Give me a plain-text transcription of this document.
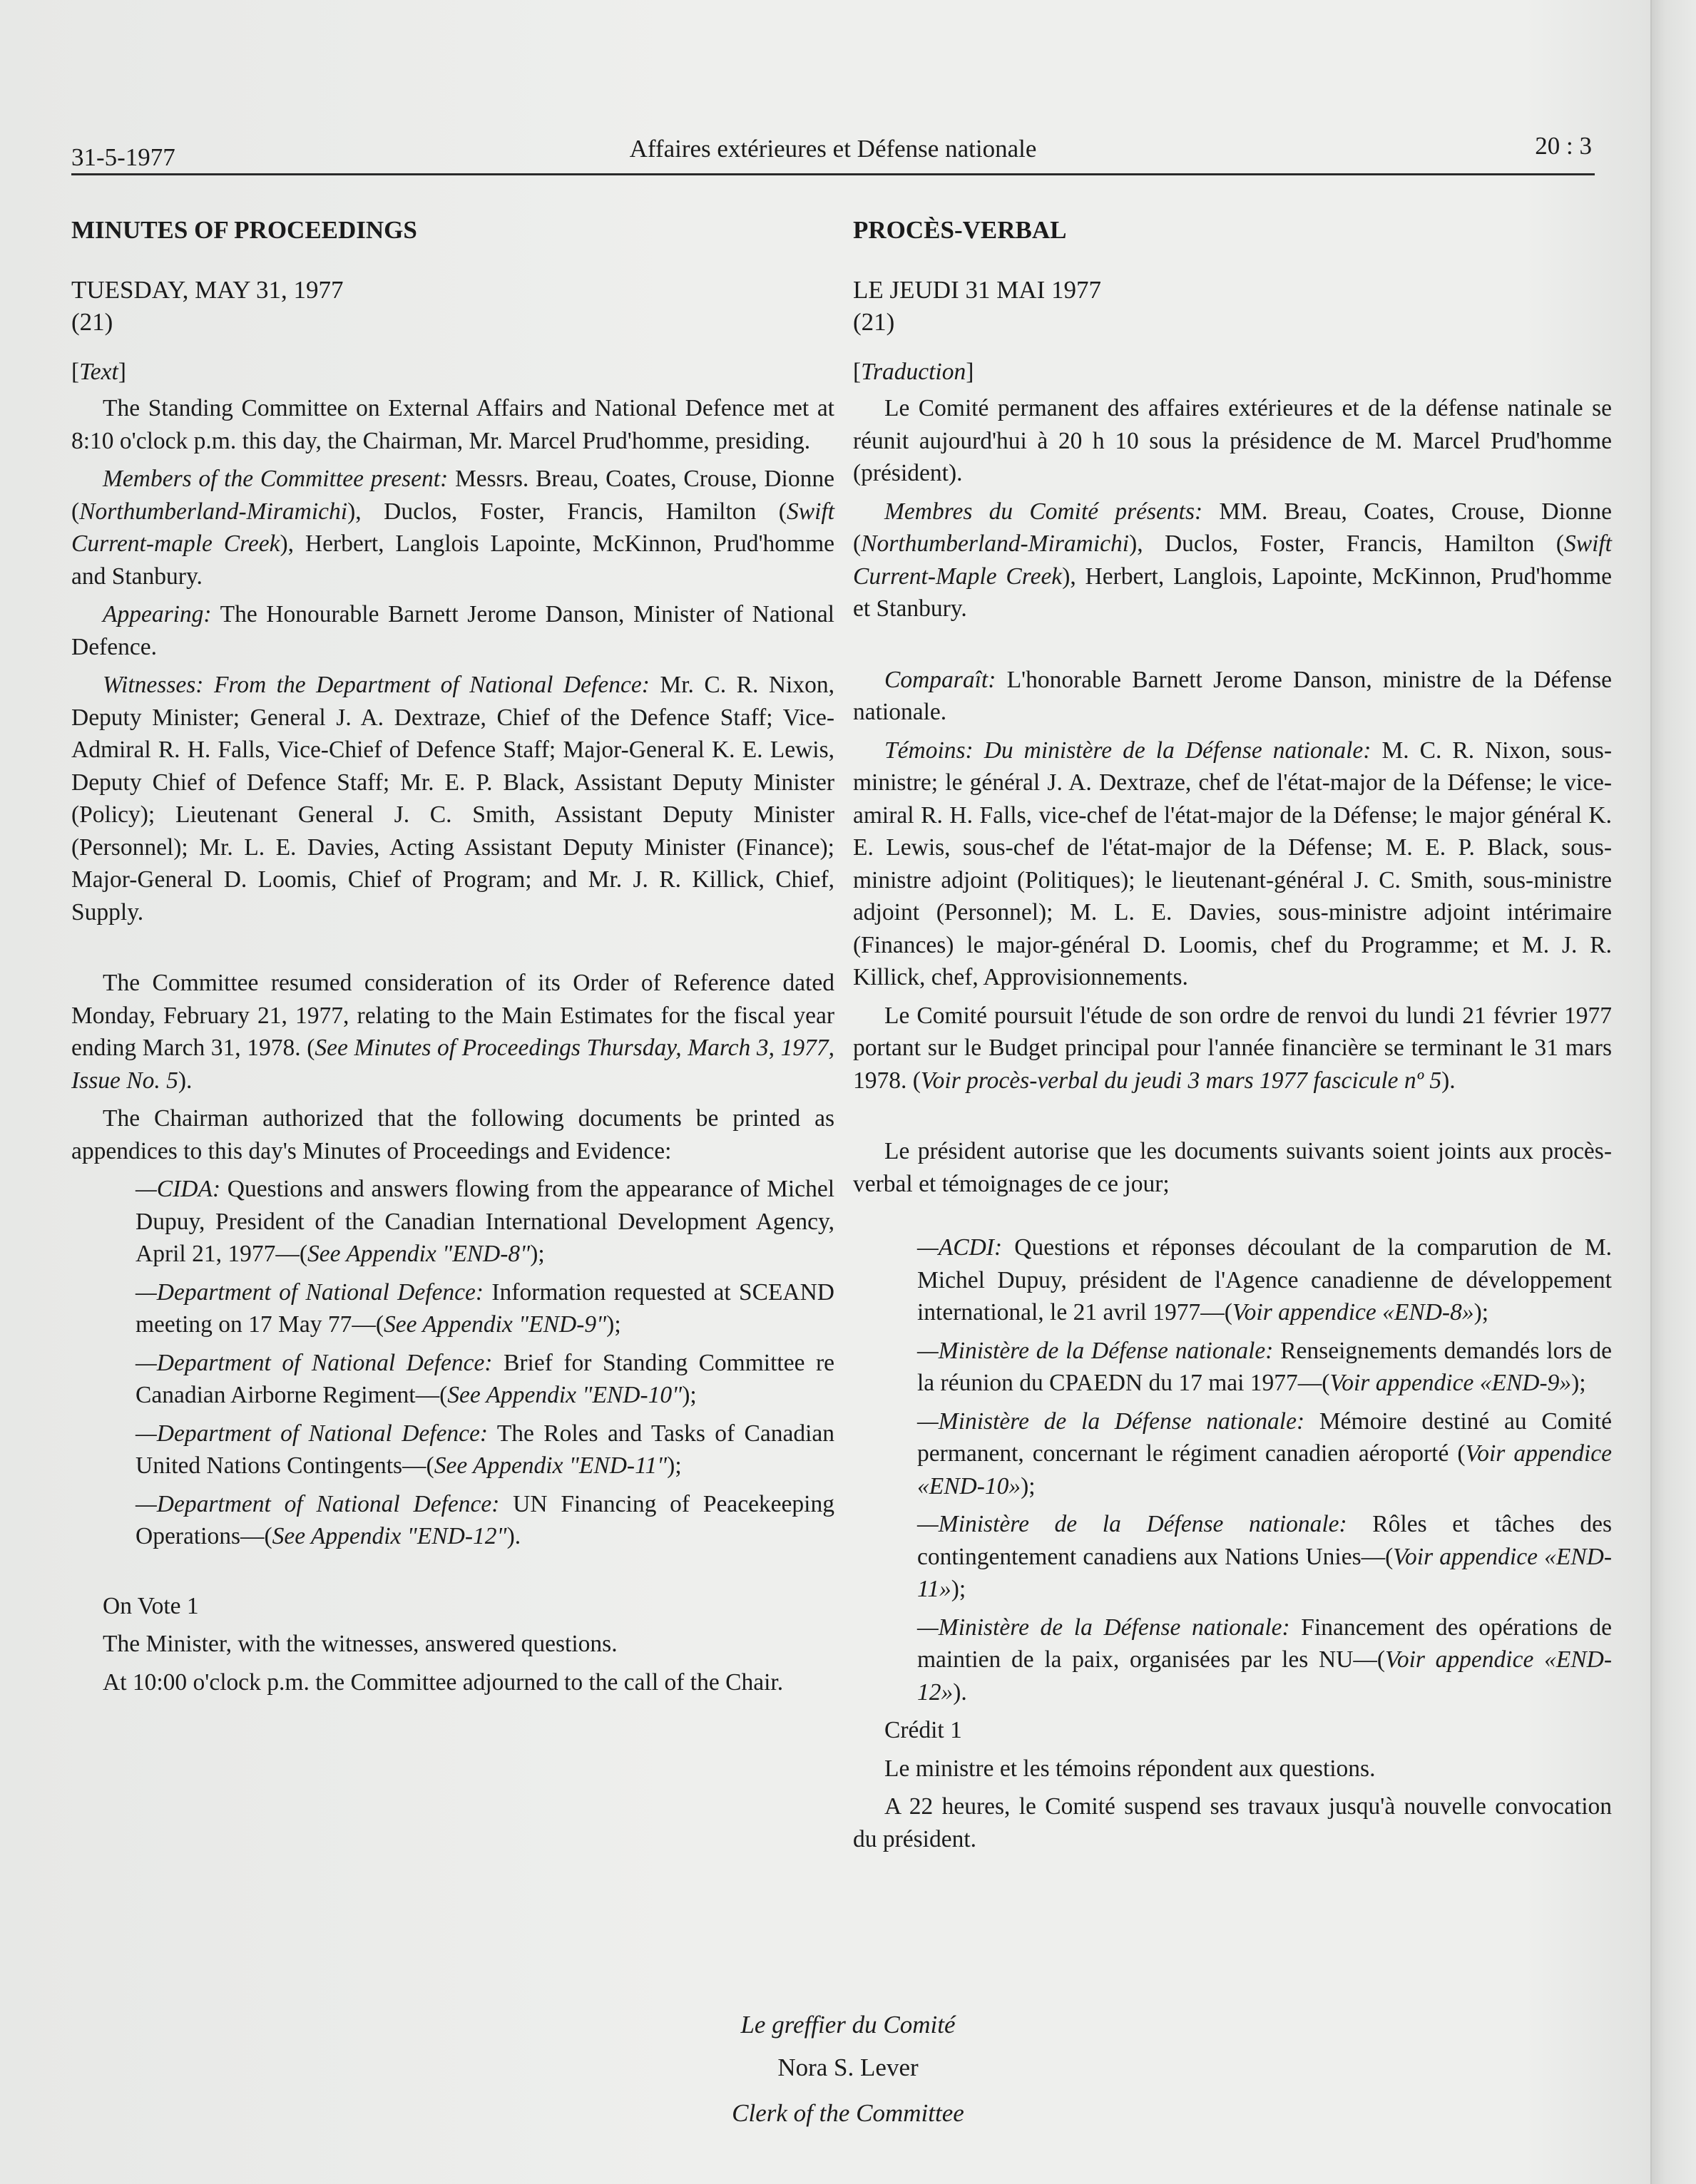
31-5-1977	Affaires extérieures et Défense nationale	20 : 3

MINUTES OF PROCEEDINGS

TUESDAY, MAY 31, 1977
(21)
[Text]

The Standing Committee on External Affairs and National Defence met at 8:10 o'clock p.m. this day, the Chairman, Mr. Marcel Prud'homme, presiding.

Members of the Committee present: Messrs. Breau, Coates, Crouse, Dionne (Northumberland-Miramichi), Duclos, Foster, Francis, Hamilton (Swift Current-maple Creek), Herbert, Langlois Lapointe, McKinnon, Prud'homme and Stanbury.

Appearing: The Honourable Barnett Jerome Danson, Minister of National Defence.

Witnesses: From the Department of National Defence: Mr. C. R. Nixon, Deputy Minister; General J. A. Dextraze, Chief of the Defence Staff; Vice-Admiral R. H. Falls, Vice-Chief of Defence Staff; Major-General K. E. Lewis, Deputy Chief of Defence Staff; Mr. E. P. Black, Assistant Deputy Minister (Policy); Lieutenant General J. C. Smith, Assistant Deputy Minister (Personnel); Mr. L. E. Davies, Acting Assistant Deputy Minister (Finance); Major-General D. Loomis, Chief of Program; and Mr. J. R. Killick, Chief, Supply.

The Committee resumed consideration of its Order of Reference dated Monday, February 21, 1977, relating to the Main Estimates for the fiscal year ending March 31, 1978. (See Minutes of Proceedings Thursday, March 3, 1977, Issue No. 5).

The Chairman authorized that the following documents be printed as appendices to this day's Minutes of Proceedings and Evidence:

—CIDA: Questions and answers flowing from the appearance of Michel Dupuy, President of the Canadian International Development Agency, April 21, 1977—(See Appendix "END-8");

—Department of National Defence: Information requested at SCEAND meeting on 17 May 77—(See Appendix "END-9");

—Department of National Defence: Brief for Standing Committee re Canadian Airborne Regiment—(See Appendix "END-10");

—Department of National Defence: The Roles and Tasks of Canadian United Nations Contingents—(See Appendix "END-11");

—Department of National Defence: UN Financing of Peacekeeping Operations—(See Appendix "END-12").

On Vote 1

The Minister, with the witnesses, answered questions.

At 10:00 o'clock p.m. the Committee adjourned to the call of the Chair.

PROCÈS-VERBAL

LE JEUDI 31 MAI 1977
(21)
[Traduction]

Le Comité permanent des affaires extérieures et de la défense natinale se réunit aujourd'hui à 20 h 10 sous la présidence de M. Marcel Prud'homme (président).

Membres du Comité présents: MM. Breau, Coates, Crouse, Dionne (Northumberland-Miramichi), Duclos, Foster, Francis, Hamilton (Swift Current-Maple Creek), Herbert, Langlois, Lapointe, McKinnon, Prud'homme et Stanbury.

Comparaît: L'honorable Barnett Jerome Danson, ministre de la Défense nationale.

Témoins: Du ministère de la Défense nationale: M. C. R. Nixon, sous-ministre; le général J. A. Dextraze, chef de l'état-major de la Défense; le vice-amiral R. H. Falls, vice-chef de l'état-major de la Défense; le major général K. E. Lewis, sous-chef de l'état-major de la Défense; M. E. P. Black, sous-ministre adjoint (Politiques); le lieutenant-général J. C. Smith, sous-ministre adjoint (Personnel); M. L. E. Davies, sous-ministre adjoint intérimaire (Finances) le major-général D. Loomis, chef du Programme; et M. J. R. Killick, chef, Approvisionnements.

Le Comité poursuit l'étude de son ordre de renvoi du lundi 21 février 1977 portant sur le Budget principal pour l'année financière se terminant le 31 mars 1978. (Voir procès-verbal du jeudi 3 mars 1977 fascicule nº 5).

Le président autorise que les documents suivants soient joints aux procès-verbal et témoignages de ce jour;

—ACDI: Questions et réponses découlant de la comparution de M. Michel Dupuy, président de l'Agence canadienne de développement international, le 21 avril 1977—(Voir appendice «END-8»);

—Ministère de la Défense nationale: Renseignements demandés lors de la réunion du CPAEDN du 17 mai 1977—(Voir appendice «END-9»);

—Ministère de la Défense nationale: Mémoire destiné au Comité permanent, concernant le régiment canadien aéroporté (Voir appendice «END-10»);

—Ministère de la Défense nationale: Rôles et tâches des contingentement canadiens aux Nations Unies—(Voir appendice «END-11»);

—Ministère de la Défense nationale: Financement des opérations de maintien de la paix, organisées par les NU—(Voir appendice «END-12»).

Crédit 1

Le ministre et les témoins répondent aux questions.

A 22 heures, le Comité suspend ses travaux jusqu'à nouvelle convocation du président.

Le greffier du Comité
Nora S. Lever
Clerk of the Committee
